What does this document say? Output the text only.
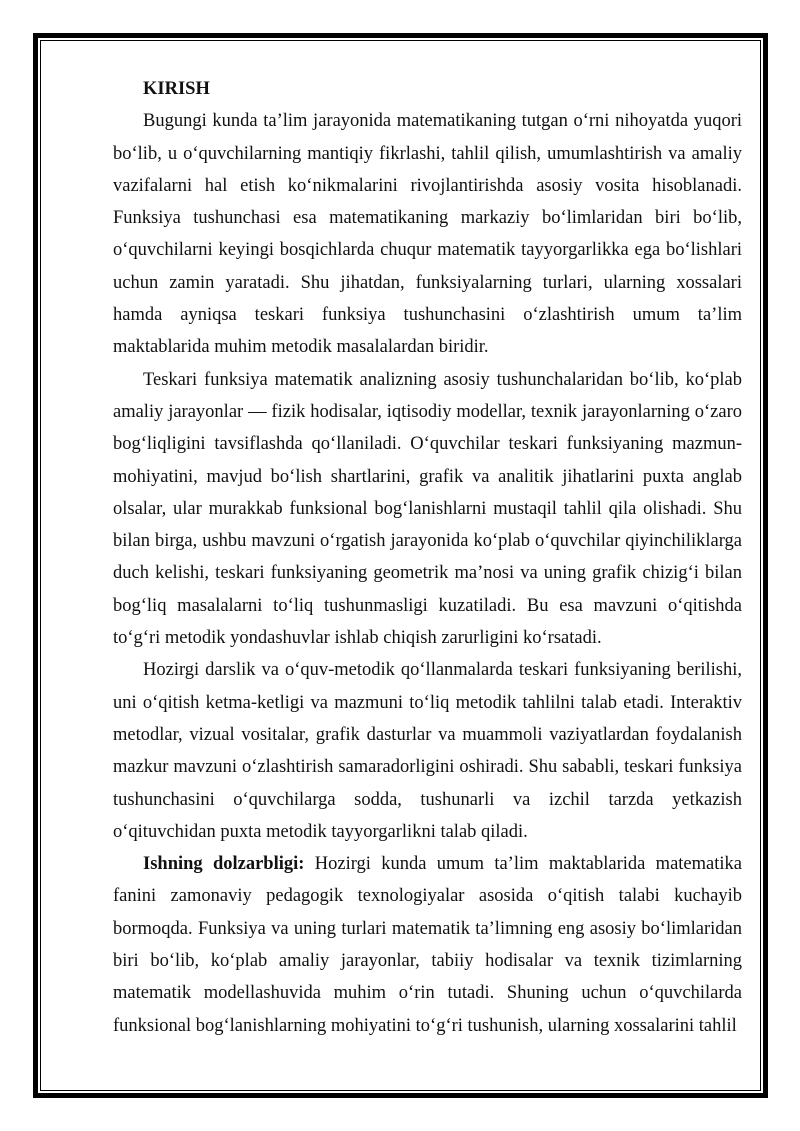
KIRISH

Bugungi kunda ta’lim jarayonida matematikaning tutgan o‘rni nihoyatda yuqori bo‘lib, u o‘quvchilarning mantiqiy fikrlashi, tahlil qilish, umumlashtirish va amaliy vazifalarni hal etish ko‘nikmalarini rivojlantirishda asosiy vosita hisoblanadi. Funksiya tushunchasi esa matematikaning markaziy bo‘limlaridan biri bo‘lib, o‘quvchilarni keyingi bosqichlarda chuqur matematik tayyorgarlikka ega bo‘lishlari uchun zamin yaratadi. Shu jihatdan, funksiyalarning turlari, ularning xossalari hamda ayniqsa teskari funksiya tushunchasini o‘zlashtirish umum ta’lim maktablarida muhim metodik masalalardan biridir.

Teskari funksiya matematik analizning asosiy tushunchalaridan bo‘lib, ko‘plab amaliy jarayonlar — fizik hodisalar, iqtisodiy modellar, texnik jarayonlarning o‘zaro bog‘liqligini tavsiflashda qo‘llaniladi. O‘quvchilar teskari funksiyaning mazmun-mohiyatini, mavjud bo‘lish shartlarini, grafik va analitik jihatlarini puxta anglab olsalar, ular murakkab funksional bog‘lanishlarni mustaqil tahlil qila olishadi. Shu bilan birga, ushbu mavzuni o‘rgatish jarayonida ko‘plab o‘quvchilar qiyinchiliklarga duch kelishi, teskari funksiyaning geometrik ma’nosi va uning grafik chizig‘i bilan bog‘liq masalalarni to‘liq tushunmasligi kuzatiladi. Bu esa mavzuni o‘qitishda to‘g‘ri metodik yondashuvlar ishlab chiqish zarurligini ko‘rsatadi.

Hozirgi darslik va o‘quv-metodik qo‘llanmalarda teskari funksiyaning berilishi, uni o‘qitish ketma-ketligi va mazmuni to‘liq metodik tahlilni talab etadi. Interaktiv metodlar, vizual vositalar, grafik dasturlar va muammoli vaziyatlardan foydalanish mazkur mavzuni o‘zlashtirish samaradorligini oshiradi. Shu sababli, teskari funksiya tushunchasini o‘quvchilarga sodda, tushunarli va izchil tarzda yetkazish o‘qituvchidan puxta metodik tayyorgarlikni talab qiladi.

Ishning dolzarbligi: Hozirgi kunda umum ta’lim maktablarida matematika fanini zamonaviy pedagogik texnologiyalar asosida o‘qitish talabi kuchayib bormoqda. Funksiya va uning turlari matematik ta’limning eng asosiy bo‘limlaridan biri bo‘lib, ko‘plab amaliy jarayonlar, tabiiy hodisalar va texnik tizimlarning matematik modellashuvida muhim o‘rin tutadi. Shuning uchun o‘quvchilarda funksional bog‘lanishlarning mohiyatini to‘g‘ri tushunish, ularning xossalarini tahlil
